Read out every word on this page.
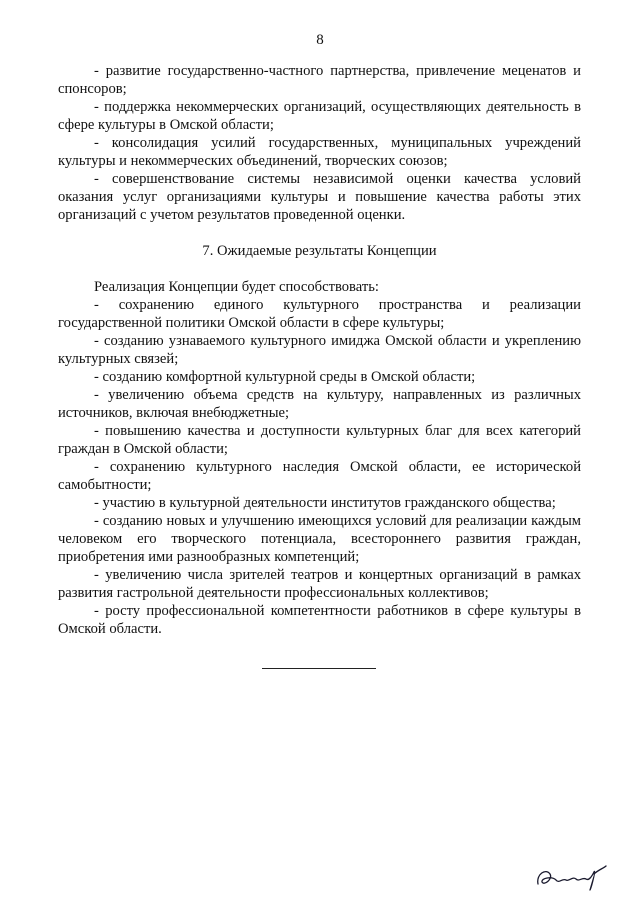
8

- развитие государственно-частного партнерства, привлечение меценатов и спонсоров;

- поддержка некоммерческих организаций, осуществляющих деятельность в сфере культуры в Омской области;

- консолидация усилий государственных, муниципальных учреждений культуры и некоммерческих объединений, творческих союзов;

- совершенствование системы независимой оценки качества условий оказания услуг организациями культуры и повышение качества работы этих организаций с учетом результатов проведенной оценки.

7. Ожидаемые результаты Концепции

Реализация Концепции будет способствовать:

- сохранению единого культурного пространства и реализации государственной политики Омской области в сфере культуры;

- созданию узнаваемого культурного имиджа Омской области и укреплению культурных связей;

- созданию комфортной культурной среды в Омской области;

- увеличению объема средств на культуру, направленных из различных источников, включая внебюджетные;

- повышению качества и доступности культурных благ для всех категорий граждан в Омской области;

- сохранению культурного наследия Омской области, ее исторической самобытности;

- участию в культурной деятельности институтов гражданского общества;

- созданию новых и улучшению имеющихся условий для реализации каждым человеком его творческого потенциала, всестороннего развития граждан, приобретения ими разнообразных компетенций;

- увеличению числа зрителей театров и концертных организаций в рамках развития гастрольной деятельности профессиональных коллективов;

- росту профессиональной компетентности работников в сфере культуры в Омской области.
